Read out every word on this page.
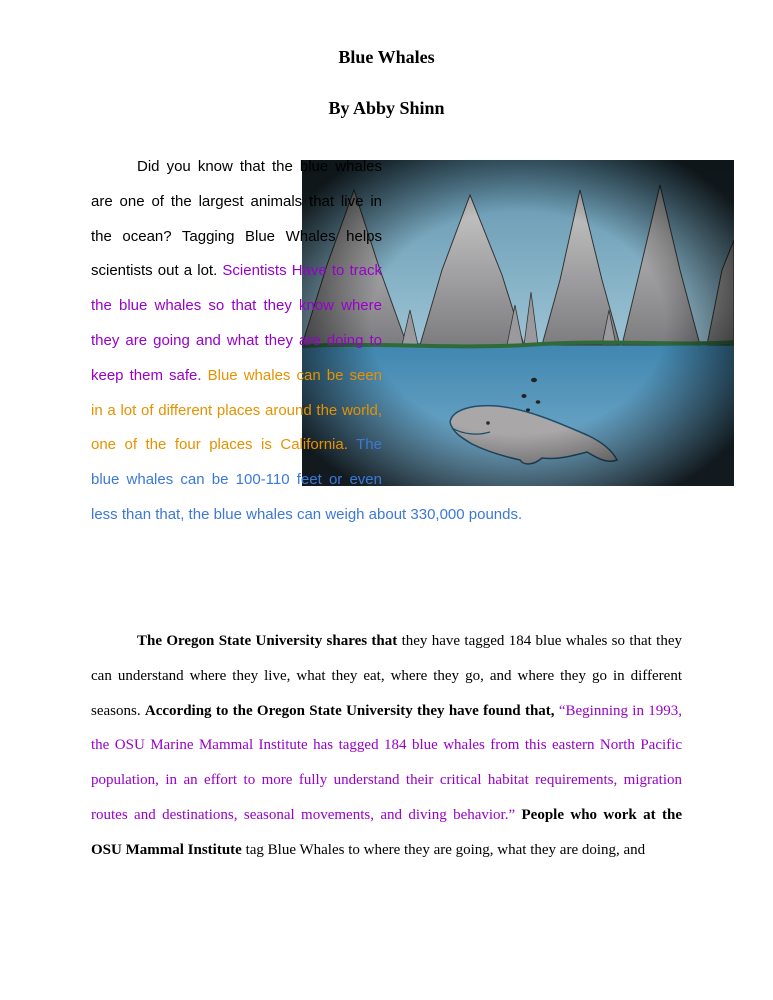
Blue Whales
By Abby Shinn

Did you know that the blue whales are one of the largest animals that live in the ocean? Tagging Blue Whales helps scientists out a lot. Scientists Have to track the blue whales so that they know where they are going and what they are doing to keep them safe. Blue whales can be seen in a lot of different places around the world, one of the four places is California. The blue whales can be 100-110 feet or even less than that, the blue whales can weigh about 330,000 pounds.

The Oregon State University shares that they have tagged 184 blue whales so that they can understand where they live, what they eat, where they go, and where they go in different seasons. According to the Oregon State University they have found that, “Beginning in 1993, the OSU Marine Mammal Institute has tagged 184 blue whales from this eastern North Pacific population, in an effort to more fully understand their critical habitat requirements, migration routes and destinations, seasonal movements, and diving behavior.” People who work at the OSU Mammal Institute tag Blue Whales to where they are going, what they are doing, and
